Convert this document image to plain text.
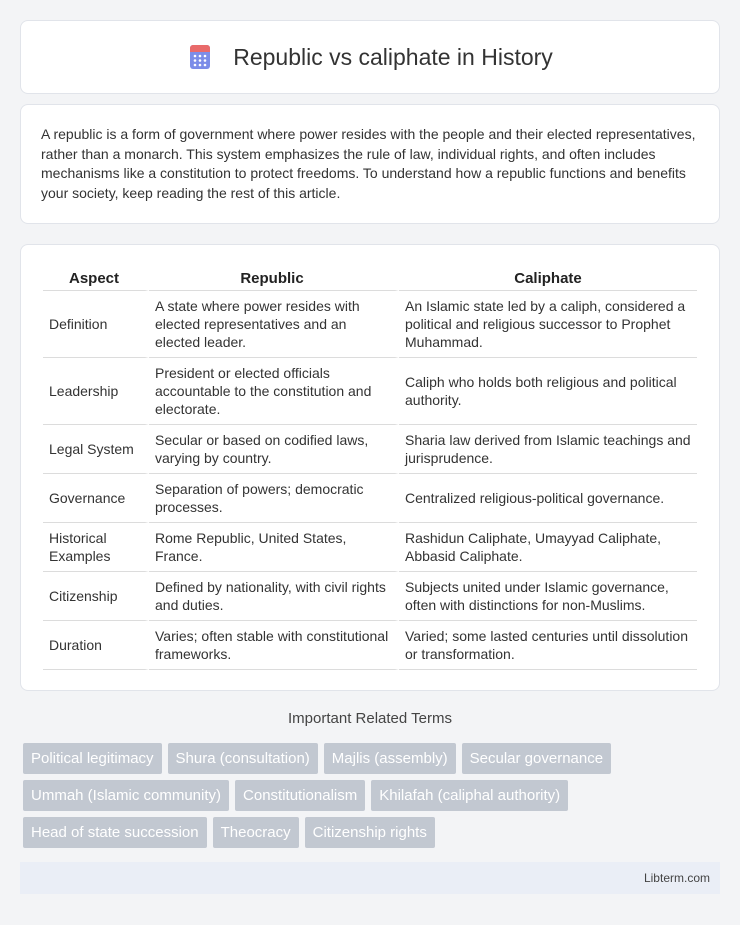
Republic vs caliphate in History

A republic is a form of government where power resides with the people and their elected representatives, rather than a monarch. This system emphasizes the rule of law, individual rights, and often includes mechanisms like a constitution to protect freedoms. To understand how a republic functions and benefits your society, keep reading the rest of this article.

Aspect	Republic	Caliphate
Definition	A state where power resides with elected representatives and an elected leader.	An Islamic state led by a caliph, considered a political and religious successor to Prophet Muhammad.
Leadership	President or elected officials accountable to the constitution and electorate.	Caliph who holds both religious and political authority.
Legal System	Secular or based on codified laws, varying by country.	Sharia law derived from Islamic teachings and jurisprudence.
Governance	Separation of powers; democratic processes.	Centralized religious-political governance.
Historical Examples	Rome Republic, United States, France.	Rashidun Caliphate, Umayyad Caliphate, Abbasid Caliphate.
Citizenship	Defined by nationality, with civil rights and duties.	Subjects united under Islamic governance, often with distinctions for non-Muslims.
Duration	Varies; often stable with constitutional frameworks.	Varied; some lasted centuries until dissolution or transformation.
Important Related Terms
Political legitimacy	Shura (consultation)	Majlis (assembly)	Secular governance
Ummah (Islamic community)	Constitutionalism	Khilafah (caliphal authority)
Head of state succession	Theocracy	Citizenship rights
Libterm.com
